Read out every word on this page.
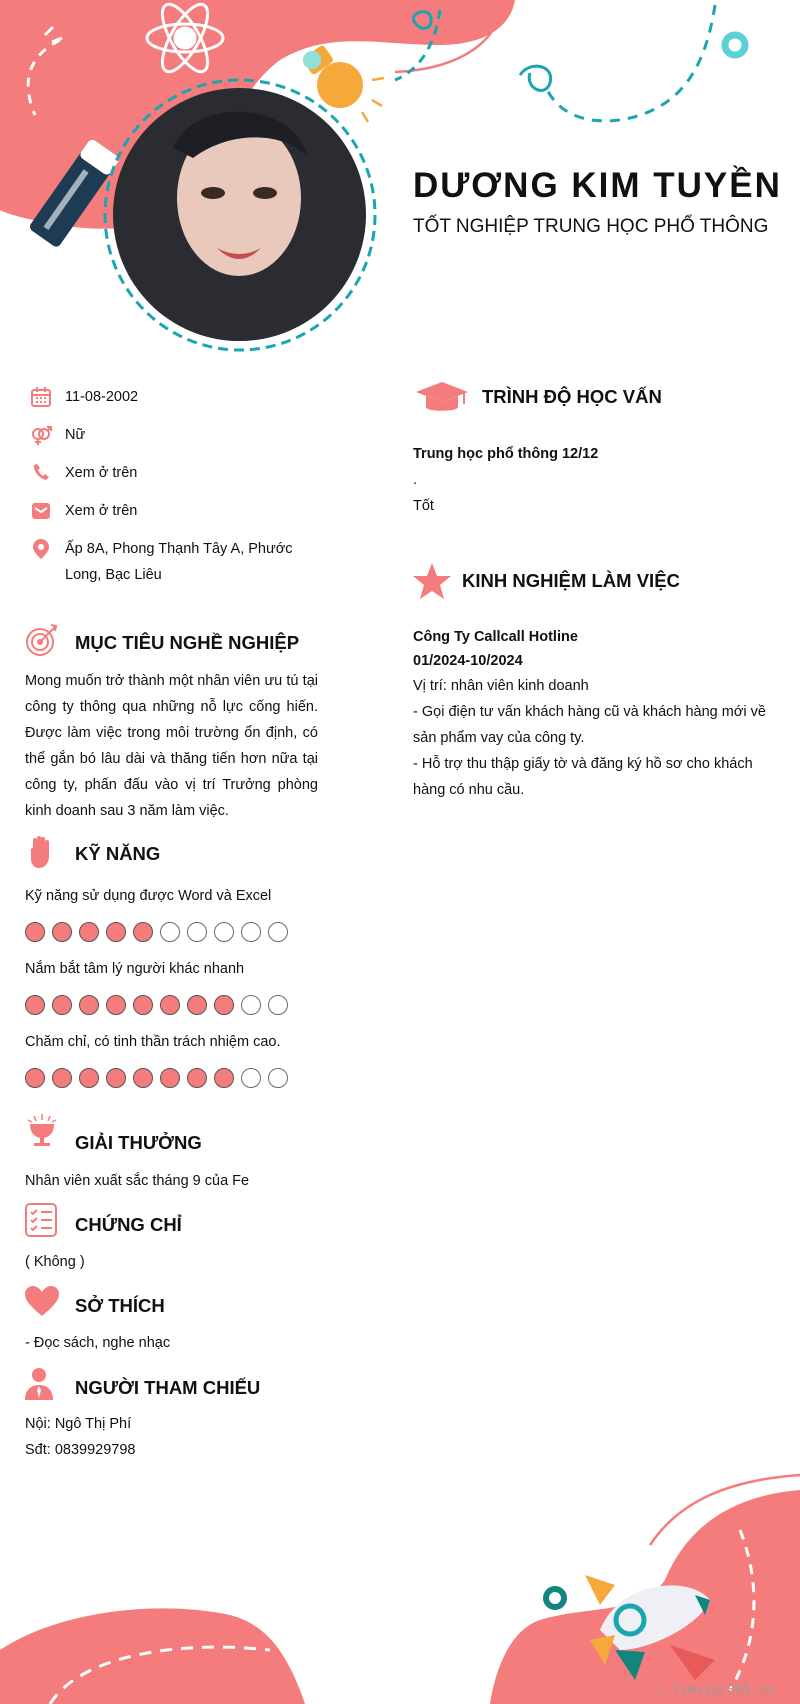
DƯƠNG KIM TUYỀN
TỐT NGHIỆP TRUNG HỌC PHỔ THÔNG
11-08-2002
Nữ
Xem ở trên
Xem ở trên
Ấp 8A, Phong Thạnh Tây A, Phước Long, Bạc Liêu
MỤC TIÊU NGHỀ NGHIỆP
Mong muốn trở thành một nhân viên ưu tú tại công ty thông qua những nỗ lực cống hiến. Được làm việc trong môi trường ổn định, có thể gắn bó lâu dài và thăng tiến hơn nữa tại công ty, phấn đấu vào vị trí Trưởng phòng kinh doanh sau 3 năm làm việc.
KỸ NĂNG
Kỹ năng sử dụng được Word và Excel
Nắm bắt tâm lý người khác nhanh
Chăm chỉ, có tinh thần trách nhiệm cao.
GIẢI THƯỞNG
Nhân viên xuất sắc tháng 9 của Fe
CHỨNG CHỈ
( Không )
SỞ THÍCH
- Đọc sách, nghe nhạc
NGƯỜI THAM CHIẾU
Nội: Ngô Thị Phí
Sđt: 0839929798
TRÌNH ĐỘ HỌC VẤN
Trung học phổ thông 12/12
.
Tốt
KINH NGHIỆM LÀM VIỆC
Công Ty Callcall Hotline
01/2024-10/2024
Vị trí: nhân viên kinh doanh
- Gọi điện tư vấn khách hàng cũ và khách hàng mới về sản phẩm vay của công ty.
- Hỗ trợ thu thập giấy tờ và đăng ký hồ sơ cho khách hàng có nhu cầu.
∴ Timviec365.vn
